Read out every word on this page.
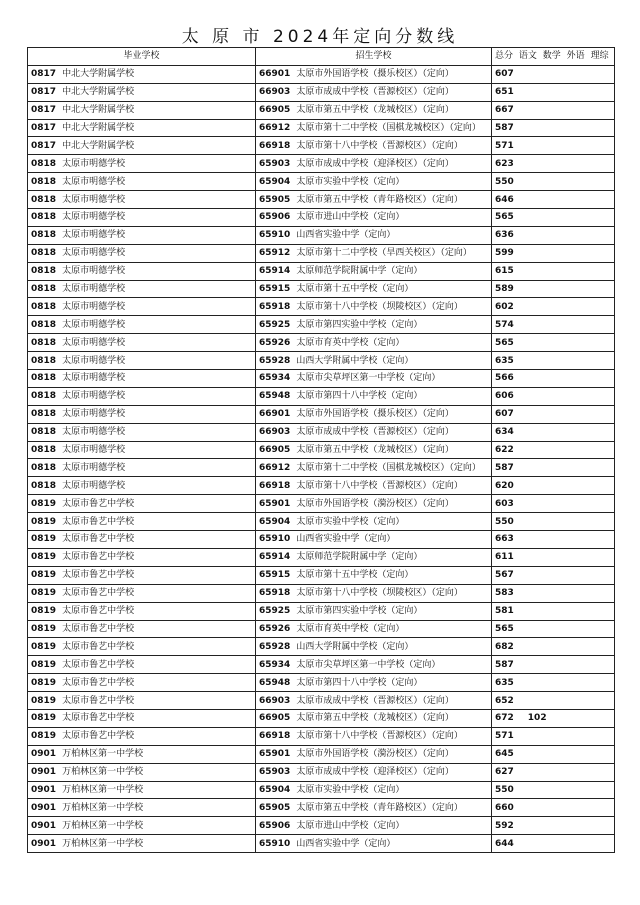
太 原 市 2024年定向分数线
毕业学校	招生学校	总分 语文 数学 外语 理综
0817 中北大学附属学校	66901 太原市外国语学校（摄乐校区）（定向）	607
0817 中北大学附属学校	66903 太原市成成中学校（晋源校区）（定向）	651
0817 中北大学附属学校	66905 太原市第五中学校（龙城校区）（定向）	667
0817 中北大学附属学校	66912 太原市第十二中学校（国棋龙城校区）（定向）	587
0817 中北大学附属学校	66918 太原市第十八中学校（晋源校区）（定向）	571
0818 太原市明德学校	65903 太原市成成中学校（迎泽校区）（定向）	623
0818 太原市明德学校	65904 太原市实验中学校（定向）	550
0818 太原市明德学校	65905 太原市第五中学校（青年路校区）（定向）	646
0818 太原市明德学校	65906 太原市进山中学校（定向）	565
0818 太原市明德学校	65910 山西省实验中学（定向）	636
0818 太原市明德学校	65912 太原市第十二中学校（旱西关校区）（定向）	599
0818 太原市明德学校	65914 太原师范学院附属中学（定向）	615
0818 太原市明德学校	65915 太原市第十五中学校（定向）	589
0818 太原市明德学校	65918 太原市第十八中学校（坝陵校区）（定向）	602
0818 太原市明德学校	65925 太原市第四实验中学校（定向）	574
0818 太原市明德学校	65926 太原市育英中学校（定向）	565
0818 太原市明德学校	65928 山西大学附属中学校（定向）	635
0818 太原市明德学校	65934 太原市尖草坪区第一中学校（定向）	566
0818 太原市明德学校	65948 太原市第四十八中学校（定向）	606
0818 太原市明德学校	66901 太原市外国语学校（摄乐校区）（定向）	607
0818 太原市明德学校	66903 太原市成成中学校（晋源校区）（定向）	634
0818 太原市明德学校	66905 太原市第五中学校（龙城校区）（定向）	622
0818 太原市明德学校	66912 太原市第十二中学校（国棋龙城校区）（定向）	587
0818 太原市明德学校	66918 太原市第十八中学校（晋源校区）（定向）	620
0819 太原市鲁艺中学校	65901 太原市外国语学校（漪汾校区）（定向）	603
0819 太原市鲁艺中学校	65904 太原市实验中学校（定向）	550
0819 太原市鲁艺中学校	65910 山西省实验中学（定向）	663
0819 太原市鲁艺中学校	65914 太原师范学院附属中学（定向）	611
0819 太原市鲁艺中学校	65915 太原市第十五中学校（定向）	567
0819 太原市鲁艺中学校	65918 太原市第十八中学校（坝陵校区）（定向）	583
0819 太原市鲁艺中学校	65925 太原市第四实验中学校（定向）	581
0819 太原市鲁艺中学校	65926 太原市育英中学校（定向）	565
0819 太原市鲁艺中学校	65928 山西大学附属中学校（定向）	682
0819 太原市鲁艺中学校	65934 太原市尖草坪区第一中学校（定向）	587
0819 太原市鲁艺中学校	65948 太原市第四十八中学校（定向）	635
0819 太原市鲁艺中学校	66903 太原市成成中学校（晋源校区）（定向）	652
0819 太原市鲁艺中学校	66905 太原市第五中学校（龙城校区）（定向）	672 102
0819 太原市鲁艺中学校	66918 太原市第十八中学校（晋源校区）（定向）	571
0901 万柏林区第一中学校	65901 太原市外国语学校（漪汾校区）（定向）	645
0901 万柏林区第一中学校	65903 太原市成成中学校（迎泽校区）（定向）	627
0901 万柏林区第一中学校	65904 太原市实验中学校（定向）	550
0901 万柏林区第一中学校	65905 太原市第五中学校（青年路校区）（定向）	660
0901 万柏林区第一中学校	65906 太原市进山中学校（定向）	592
0901 万柏林区第一中学校	65910 山西省实验中学（定向）	644
